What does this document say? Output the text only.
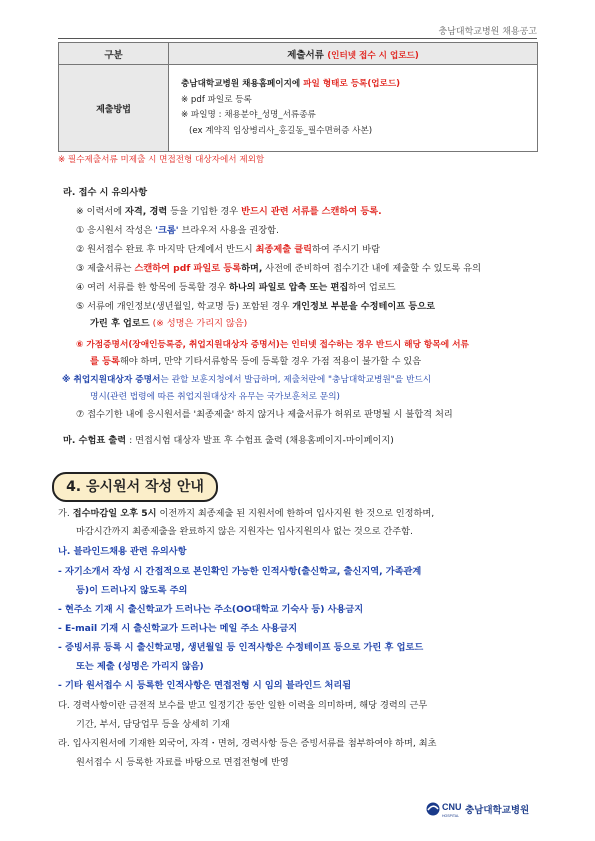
충남대학교병원 채용공고
구분	제출서류 (인터넷 접수 시 업로드)
제출방법	충남대학교병원 채용홈페이지에 파일 형태로 등록(업로드)
※ pdf 파일로 등록
※ 파일명 : 채용분야_성명_서류종류
(ex 계약직 임상병리사_홍길동_필수면허증 사본)
※ 필수제출서류 미제출 시 면접전형 대상자에서 제외함
라. 접수 시 유의사항
※ 이력서에 자격, 경력 등을 기입한 경우 반드시 관련 서류를 스캔하여 등록.
① 응시원서 작성은 '크롬' 브라우저 사용을 권장함.
② 원서접수 완료 후 마지막 단계에서 반드시 최종제출 클릭하여 주시기 바람
③ 제출서류는 스캔하여 pdf 파일로 등록하며, 사전에 준비하여 접수기간 내에 제출할 수 있도록 유의
④ 여러 서류를 한 항목에 등록할 경우 하나의 파일로 압축 또는 편집하여 업로드
⑤ 서류에 개인정보(생년월일, 학교명 등) 포함된 경우 개인정보 부분을 수정테이프 등으로
가린 후 업로드 (※ 성명은 가리지 않음)
⑥ 가점증명서(장애인등록증, 취업지원대상자 증명서)는 인터넷 접수하는 경우 반드시 해당 항목에 서류
를 등록해야 하며, 만약 기타서류항목 등에 등록할 경우 가점 적용이 불가할 수 있음
※ 취업지원대상자 증명서는 관할 보훈지청에서 발급하며, 제출처란에 "충남대학교병원"을 반드시
명시(관련 법령에 따른 취업지원대상자 유무는 국가보훈처로 문의)
⑦ 접수기한 내에 응시원서를 '최종제출' 하지 않거나 제출서류가 허위로 판명될 시 불합격 처리
마. 수험표 출력 : 면접시험 대상자 발표 후 수험표 출력 (채용홈페이지-마이페이지)
4. 응시원서 작성 안내
가. 접수마감일 오후 5시 이전까지 최종제출 된 지원서에 한하여 입사지원 한 것으로 인정하며,
마감시간까지 최종제출을 완료하지 않은 지원자는 입사지원의사 없는 것으로 간주함.
나. 블라인드채용 관련 유의사항
- 자기소개서 작성 시 간접적으로 본인확인 가능한 인적사항(출신학교, 출신지역, 가족관계
등)이 드러나지 않도록 주의
- 현주소 기재 시 출신학교가 드러나는 주소(OO대학교 기숙사 등) 사용금지
- E-mail 기재 시 출신학교가 드러나는 메일 주소 사용금지
- 증빙서류 등록 시 출신학교명, 생년월일 등 인적사항은 수정테이프 등으로 가린 후 업로드
또는 제출 (성명은 가리지 않음)
- 기타 원서접수 시 등록한 인적사항은 면접전형 시 임의 블라인드 처리됨
다. 경력사항이란 금전적 보수를 받고 일정기간 동안 일한 이력을 의미하며, 해당 경력의 근무
기간, 부서, 담당업무 등을 상세히 기재
라. 입사지원서에 기재한 외국어, 자격・면허, 경력사항 등은 증빙서류를 첨부하여야 하며, 최초
원서접수 시 등록한 자료를 바탕으로 면접전형에 반영
CNU
HOSPITAL 충남대학교병원
